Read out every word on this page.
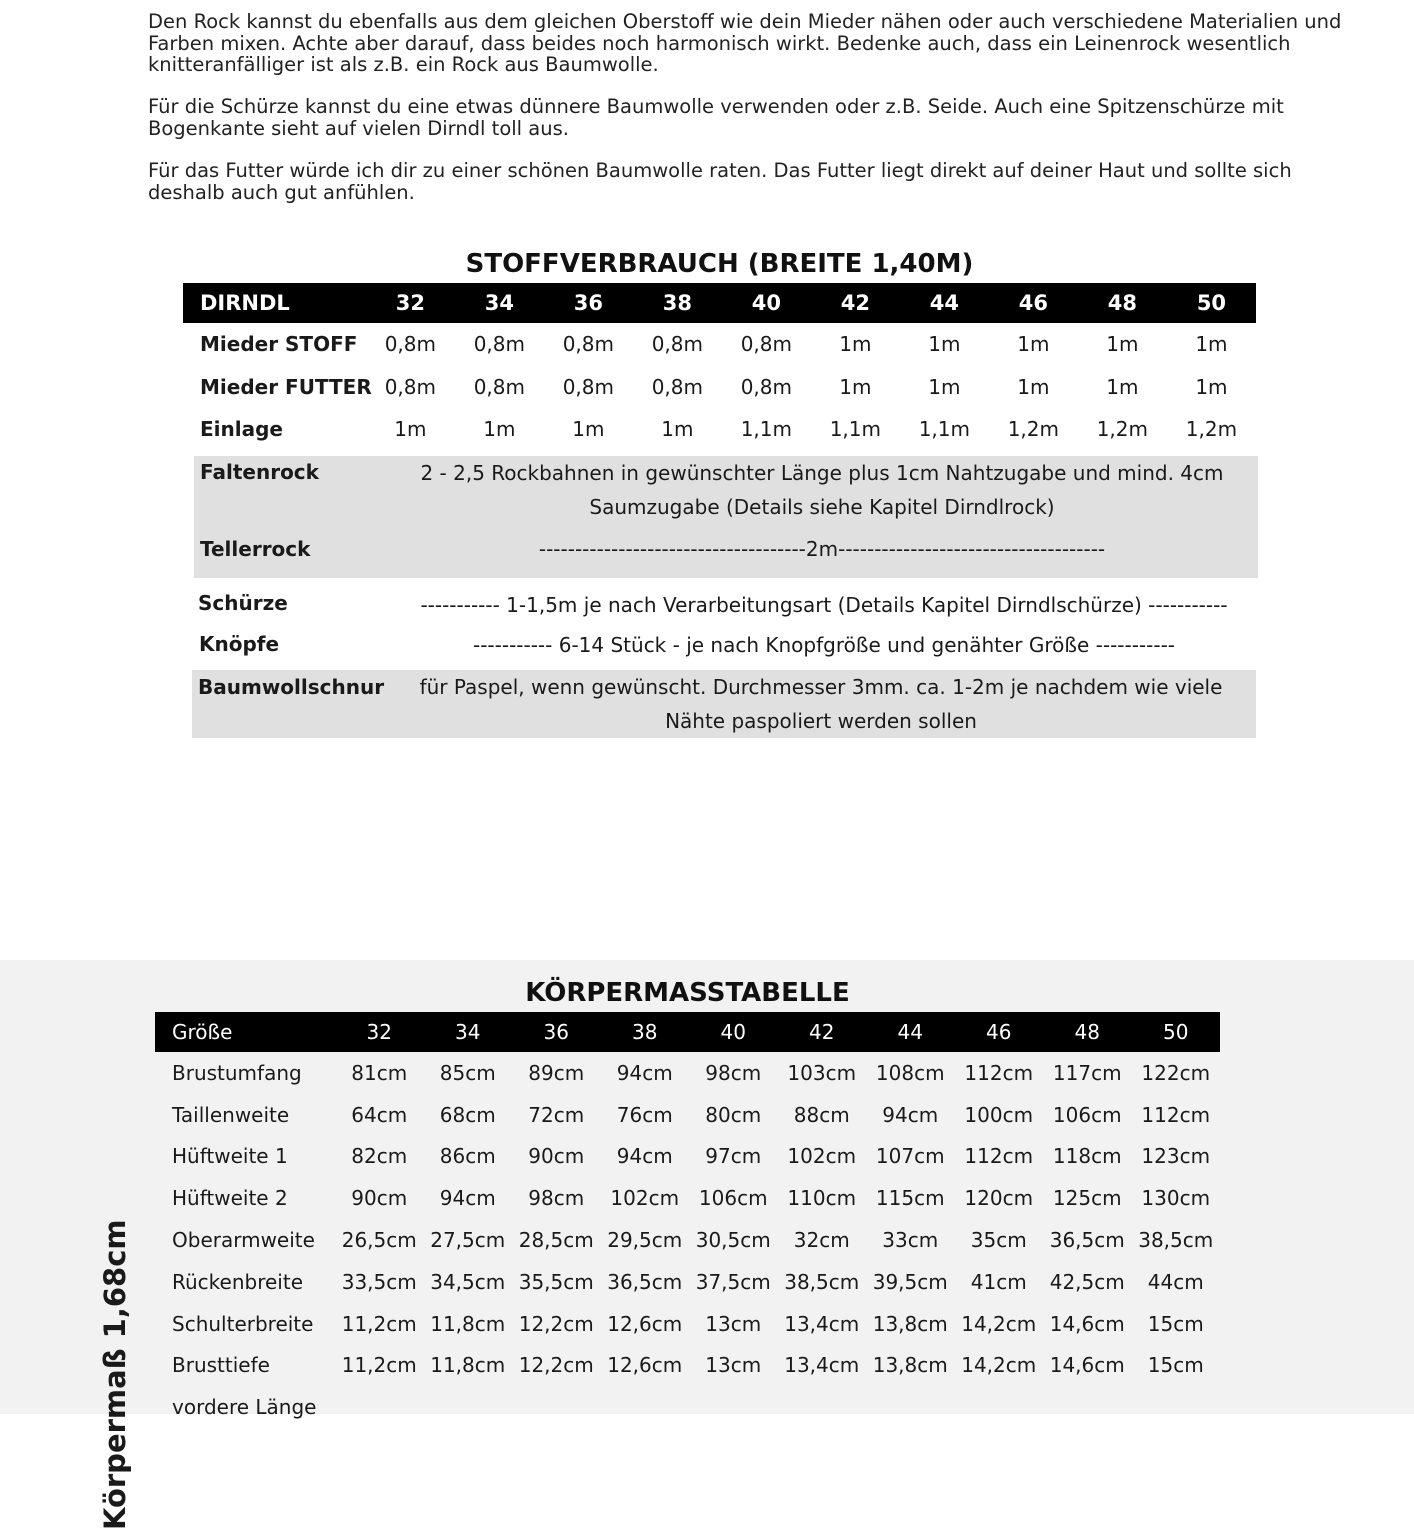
Den Rock kannst du ebenfalls aus dem gleichen Oberstoff wie dein Mieder nähen oder auch verschiedene Materialien und Farben mixen. Achte aber darauf, dass beides noch harmonisch wirkt. Bedenke auch, dass ein Leinenrock wesentlich knitteranfälliger ist als z.B. ein Rock aus Baumwolle.

Für die Schürze kannst du eine etwas dünnere Baumwolle verwenden oder z.B. Seide. Auch eine Spitzenschürze mit Bogenkante sieht auf vielen Dirndl toll aus.

Für das Futter würde ich dir zu einer schönen Baumwolle raten. Das Futter liegt direkt auf deiner Haut und sollte sich deshalb auch gut anfühlen.

STOFFVERBRAUCH (BREITE 1,40M)
DIRNDL	32	34	36	38	40	42	44	46	48	50
Mieder STOFF	0,8m	0,8m	0,8m	0,8m	0,8m	1m	1m	1m	1m	1m
Mieder FUTTER	0,8m	0,8m	0,8m	0,8m	0,8m	1m	1m	1m	1m	1m
Einlage	1m	1m	1m	1m	1,1m	1,1m	1,1m	1,2m	1,2m	1,2m
Faltenrock	2 - 2,5 Rockbahnen in gewünschter Länge plus 1cm Nahtzugabe und mind. 4cm Saumzugabe (Details siehe Kapitel Dirndlrock)
Tellerrock	-------------------------------------2m-------------------------------------
Schürze	----------- 1-1,5m je nach Verarbeitungsart (Details Kapitel Dirndlschürze) -----------
Knöpfe	----------- 6-14 Stück - je nach Knopfgröße und genähter Größe -----------
Baumwollschnur	für Paspel, wenn gewünscht. Durchmesser 3mm. ca. 1-2m je nachdem wie viele Nähte paspoliert werden sollen
KÖRPERMASSTABELLE
Körpermaß 1,68cm
Größe	32	34	36	38	40	42	44	46	48	50
Brustumfang	81cm	85cm	89cm	94cm	98cm	103cm	108cm	112cm	117cm	122cm
Taillenweite	64cm	68cm	72cm	76cm	80cm	88cm	94cm	100cm	106cm	112cm
Hüftweite 1	82cm	86cm	90cm	94cm	97cm	102cm	107cm	112cm	118cm	123cm
Hüftweite 2	90cm	94cm	98cm	102cm	106cm	110cm	115cm	120cm	125cm	130cm
Oberarmweite	26,5cm	27,5cm	28,5cm	29,5cm	30,5cm	32cm	33cm	35cm	36,5cm	38,5cm
Rückenbreite	33,5cm	34,5cm	35,5cm	36,5cm	37,5cm	38,5cm	39,5cm	41cm	42,5cm	44cm
Schulterbreite	11,2cm	11,8cm	12,2cm	12,6cm	13cm	13,4cm	13,8cm	14,2cm	14,6cm	15cm
Brusttiefe	11,2cm	11,8cm	12,2cm	12,6cm	13cm	13,4cm	13,8cm	14,2cm	14,6cm	15cm
vordere Länge										
